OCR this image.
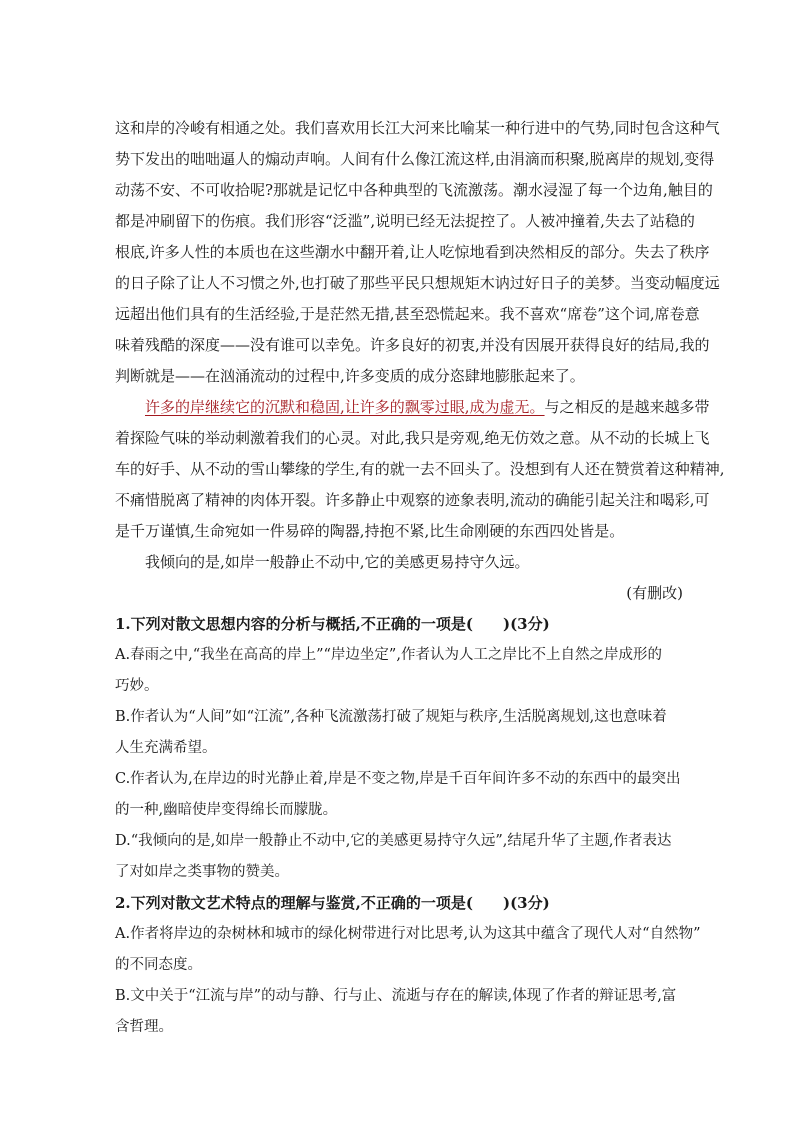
这和岸的冷峻有相通之处。我们喜欢用长江大河来比喻某一种行进中的气势,同时包含这种气
势下发出的咄咄逼人的煽动声响。人间有什么像江流这样,由涓滴而积聚,脱离岸的规划,变得
动荡不安、不可收拾呢?那就是记忆中各种典型的飞流激荡。潮水浸湿了每一个边角,触目的
都是冲刷留下的伤痕。我们形容“泛滥”,说明已经无法捉控了。人被冲撞着,失去了站稳的
根底,许多人性的本质也在这些潮水中翻开着,让人吃惊地看到决然相反的部分。失去了秩序
的日子除了让人不习惯之外,也打破了那些平民只想规矩木讷过好日子的美梦。当变动幅度远
远超出他们具有的生活经验,于是茫然无措,甚至恐慌起来。我不喜欢“席卷”这个词,席卷意
味着残酷的深度——没有谁可以幸免。许多良好的初衷,并没有因展开获得良好的结局,我的
判断就是——在汹涌流动的过程中,许多变质的成分恣肆地膨胀起来了。
许多的岸继续它的沉默和稳固,让许多的飘零过眼,成为虚无。与之相反的是越来越多带
着探险气味的举动刺激着我们的心灵。对此,我只是旁观,绝无仿效之意。从不动的长城上飞
车的好手、从不动的雪山攀缘的学生,有的就一去不回头了。没想到有人还在赞赏着这种精神,
不痛惜脱离了精神的肉体开裂。许多静止中观察的迹象表明,流动的确能引起关注和喝彩,可
是千万谨慎,生命宛如一件易碎的陶器,持抱不紧,比生命刚硬的东西四处皆是。
我倾向的是,如岸一般静止不动中,它的美感更易持守久远。
(有删改)
1.下列对散文思想内容的分析与概括,不正确的一项是(　　)(3分)
A.春雨之中,“我坐在高高的岸上”“岸边坐定”,作者认为人工之岸比不上自然之岸成形的
巧妙。
B.作者认为“人间”如“江流”,各种飞流激荡打破了规矩与秩序,生活脱离规划,这也意味着
人生充满希望。
C.作者认为,在岸边的时光静止着,岸是不变之物,岸是千百年间许多不动的东西中的最突出
的一种,幽暗使岸变得绵长而朦胧。
D.“我倾向的是,如岸一般静止不动中,它的美感更易持守久远”,结尾升华了主题,作者表达
了对如岸之类事物的赞美。
2.下列对散文艺术特点的理解与鉴赏,不正确的一项是(　　)(3分)
A.作者将岸边的杂树林和城市的绿化树带进行对比思考,认为这其中蕴含了现代人对“自然物”
的不同态度。
B.文中关于“江流与岸”的动与静、行与止、流逝与存在的解读,体现了作者的辩证思考,富
含哲理。
